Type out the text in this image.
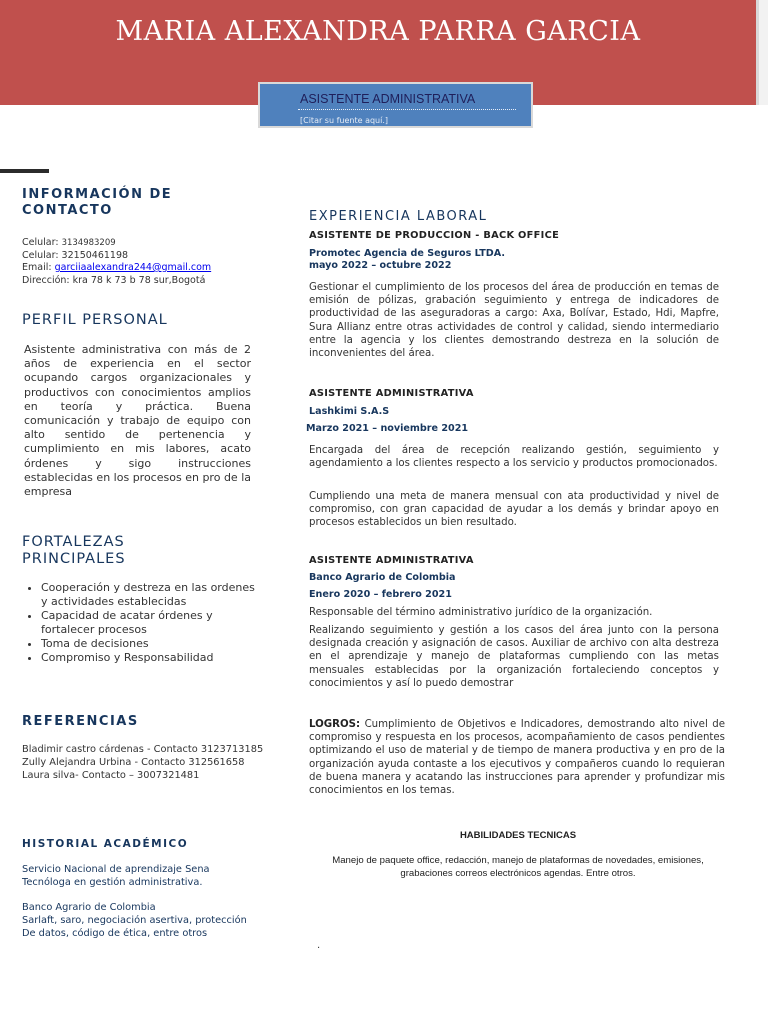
MARIA ALEXANDRA PARRA GARCIA
ASISTENTE ADMINISTRATIVA
[Citar su fuente aquí.]
INFORMACIÓN DE
CONTACTO
Celular: 3134983209
Celular: 32150461198
Email: garciiaalexandra244@gmail.com
Dirección: kra 78 k 73 b 78 sur,Bogotá
PERFIL PERSONAL
Asistente administrativa con más de 2 años de experiencia en el sector ocupando cargos organizacionales y productivos con conocimientos amplios en teoría y práctica. Buena comunicación y trabajo de equipo con alto sentido de pertenencia y cumplimiento en mis labores, acato órdenes y sigo instrucciones establecidas en los procesos en pro de la empresa
FORTALEZAS
PRINCIPALES
• Cooperación y destreza en las ordenes y actividades establecidas
• Capacidad de acatar órdenes y fortalecer procesos
• Toma de decisiones
• Compromiso y Responsabilidad
REFERENCIAS
Bladimir castro cárdenas - Contacto 3123713185
Zully Alejandra Urbina - Contacto 312561658
Laura silva- Contacto – 3007321481
HISTORIAL ACADÉMICO
Servicio Nacional de aprendizaje Sena
Tecnóloga en gestión administrativa.
Banco Agrario de Colombia
Sarlaft, saro, negociación asertiva, protección
De datos, código de ética, entre otros
EXPERIENCIA LABORAL
ASISTENTE DE PRODUCCION - BACK OFFICE
Promotec Agencia de Seguros LTDA.
mayo 2022 – octubre 2022
Gestionar el cumplimiento de los procesos del área de producción en temas de emisión de pólizas, grabación seguimiento y entrega de indicadores de productividad de las aseguradoras a cargo: Axa, Bolívar, Estado, Hdi, Mapfre, Sura Allianz entre otras actividades de control y calidad, siendo intermediario entre la agencia y los clientes demostrando destreza en la solución de inconvenientes del área.
ASISTENTE ADMINISTRATIVA
Lashkimi S.A.S
Marzo 2021 – noviembre 2021
Encargada del área de recepción realizando gestión, seguimiento y agendamiento a los clientes respecto a los servicio y productos promocionados.
Cumpliendo una meta de manera mensual con ata productividad y nivel de compromiso, con gran capacidad de ayudar a los demás y brindar apoyo en procesos establecidos un bien resultado.
ASISTENTE ADMINISTRATIVA
Banco Agrario de Colombia
Enero 2020 – febrero 2021
Responsable del término administrativo jurídico de la organización.
Realizando seguimiento y gestión a los casos del área junto con la persona designada creación y asignación de casos. Auxiliar de archivo con alta destreza en el aprendizaje y manejo de plataformas cumpliendo con las metas mensuales establecidas por la organización fortaleciendo conceptos y conocimientos y así lo puedo demostrar
LOGROS: Cumplimiento de Objetivos e Indicadores, demostrando alto nivel de compromiso y respuesta en los procesos, acompañamiento de casos pendientes optimizando el uso de material y de tiempo de manera productiva y en pro de la organización ayuda contaste a los ejecutivos y compañeros cuando lo requieran de buena manera y acatando las instrucciones para aprender y profundizar mis conocimientos en los temas.
HABILIDADES TECNICAS
Manejo de paquete office, redacción, manejo de plataformas de novedades, emisiones, grabaciones correos electrónicos agendas. Entre otros.
.
